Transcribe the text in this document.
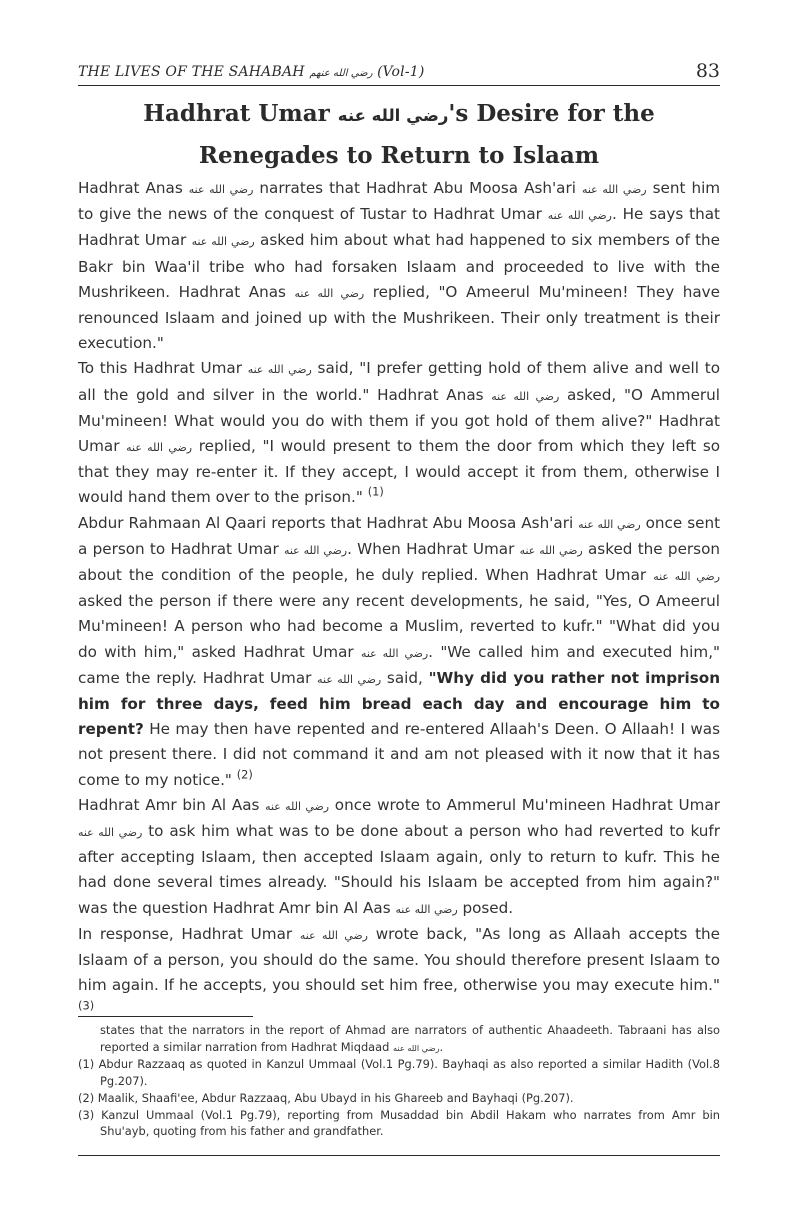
THE LIVES OF THE SAHABAH رضي الله عنهم (Vol-1)	83
Hadhrat Umar رضي الله عنه's Desire for the Renegades to Return to Islaam

Hadhrat Anas رضي الله عنه narrates that Hadhrat Abu Moosa Ash'ari رضي الله عنه sent him to give the news of the conquest of Tustar to Hadhrat Umar رضي الله عنه. He says that Hadhrat Umar رضي الله عنه asked him about what had happened to six members of the Bakr bin Waa'il tribe who had forsaken Islaam and proceeded to live with the Mushrikeen. Hadhrat Anas رضي الله عنه replied, "O Ameerul Mu'mineen! They have renounced Islaam and joined up with the Mushrikeen. Their only treatment is their execution."

To this Hadhrat Umar رضي الله عنه said, "I prefer getting hold of them alive and well to all the gold and silver in the world." Hadhrat Anas رضي الله عنه asked, "O Ammerul Mu'mineen! What would you do with them if you got hold of them alive?" Hadhrat Umar رضي الله عنه replied, "I would present to them the door from which they left so that they may re-enter it. If they accept, I would accept it from them, otherwise I would hand them over to the prison." $^{(1)}$

Abdur Rahmaan Al Qaari reports that Hadhrat Abu Moosa Ash'ari رضي الله عنه once sent a person to Hadhrat Umar رضي الله عنه. When Hadhrat Umar رضي الله عنه asked the person about the condition of the people, he duly replied. When Hadhrat Umar رضي الله عنه asked the person if there were any recent developments, he said, "Yes, O Ameerul Mu'mineen! A person who had become a Muslim, reverted to kufr." "What did you do with him," asked Hadhrat Umar رضي الله عنه. "We called him and executed him," came the reply. Hadhrat Umar رضي الله عنه said, "Why did you rather not imprison him for three days, feed him bread each day and encourage him to repent? He may then have repented and re-entered Allaah's Deen. O Allaah! I was not present there. I did not command it and am not pleased with it now that it has come to my notice." $^{(2)}$

Hadhrat Amr bin Al Aas رضي الله عنه once wrote to Ammerul Mu'mineen Hadhrat Umar رضي الله عنه to ask him what was to be done about a person who had reverted to kufr after accepting Islaam, then accepted Islaam again, only to return to kufr. This he had done several times already. "Should his Islaam be accepted from him again?" was the question Hadhrat Amr bin Al Aas رضي الله عنه posed.

In response, Hadhrat Umar رضي الله عنه wrote back, "As long as Allaah accepts the Islaam of a person, you should do the same. You should therefore present Islaam to him again. If he accepts, you should set him free, otherwise you may execute him." $^{(3)}$

states that the narrators in the report of Ahmad are narrators of authentic Ahaadeeth. Tabraani has also reported a similar narration from Hadhrat Miqdaad رضي الله عنه.

(1) Abdur Razzaaq as quoted in Kanzul Ummaal (Vol.1 Pg.79). Bayhaqi as also reported a similar Hadith (Vol.8 Pg.207).

(2) Maalik, Shaafi'ee, Abdur Razzaaq, Abu Ubayd in his Ghareeb and Bayhaqi (Pg.207).

(3) Kanzul Ummaal (Vol.1 Pg.79), reporting from Musaddad bin Abdil Hakam who narrates from Amr bin Shu'ayb, quoting from his father and grandfather.
